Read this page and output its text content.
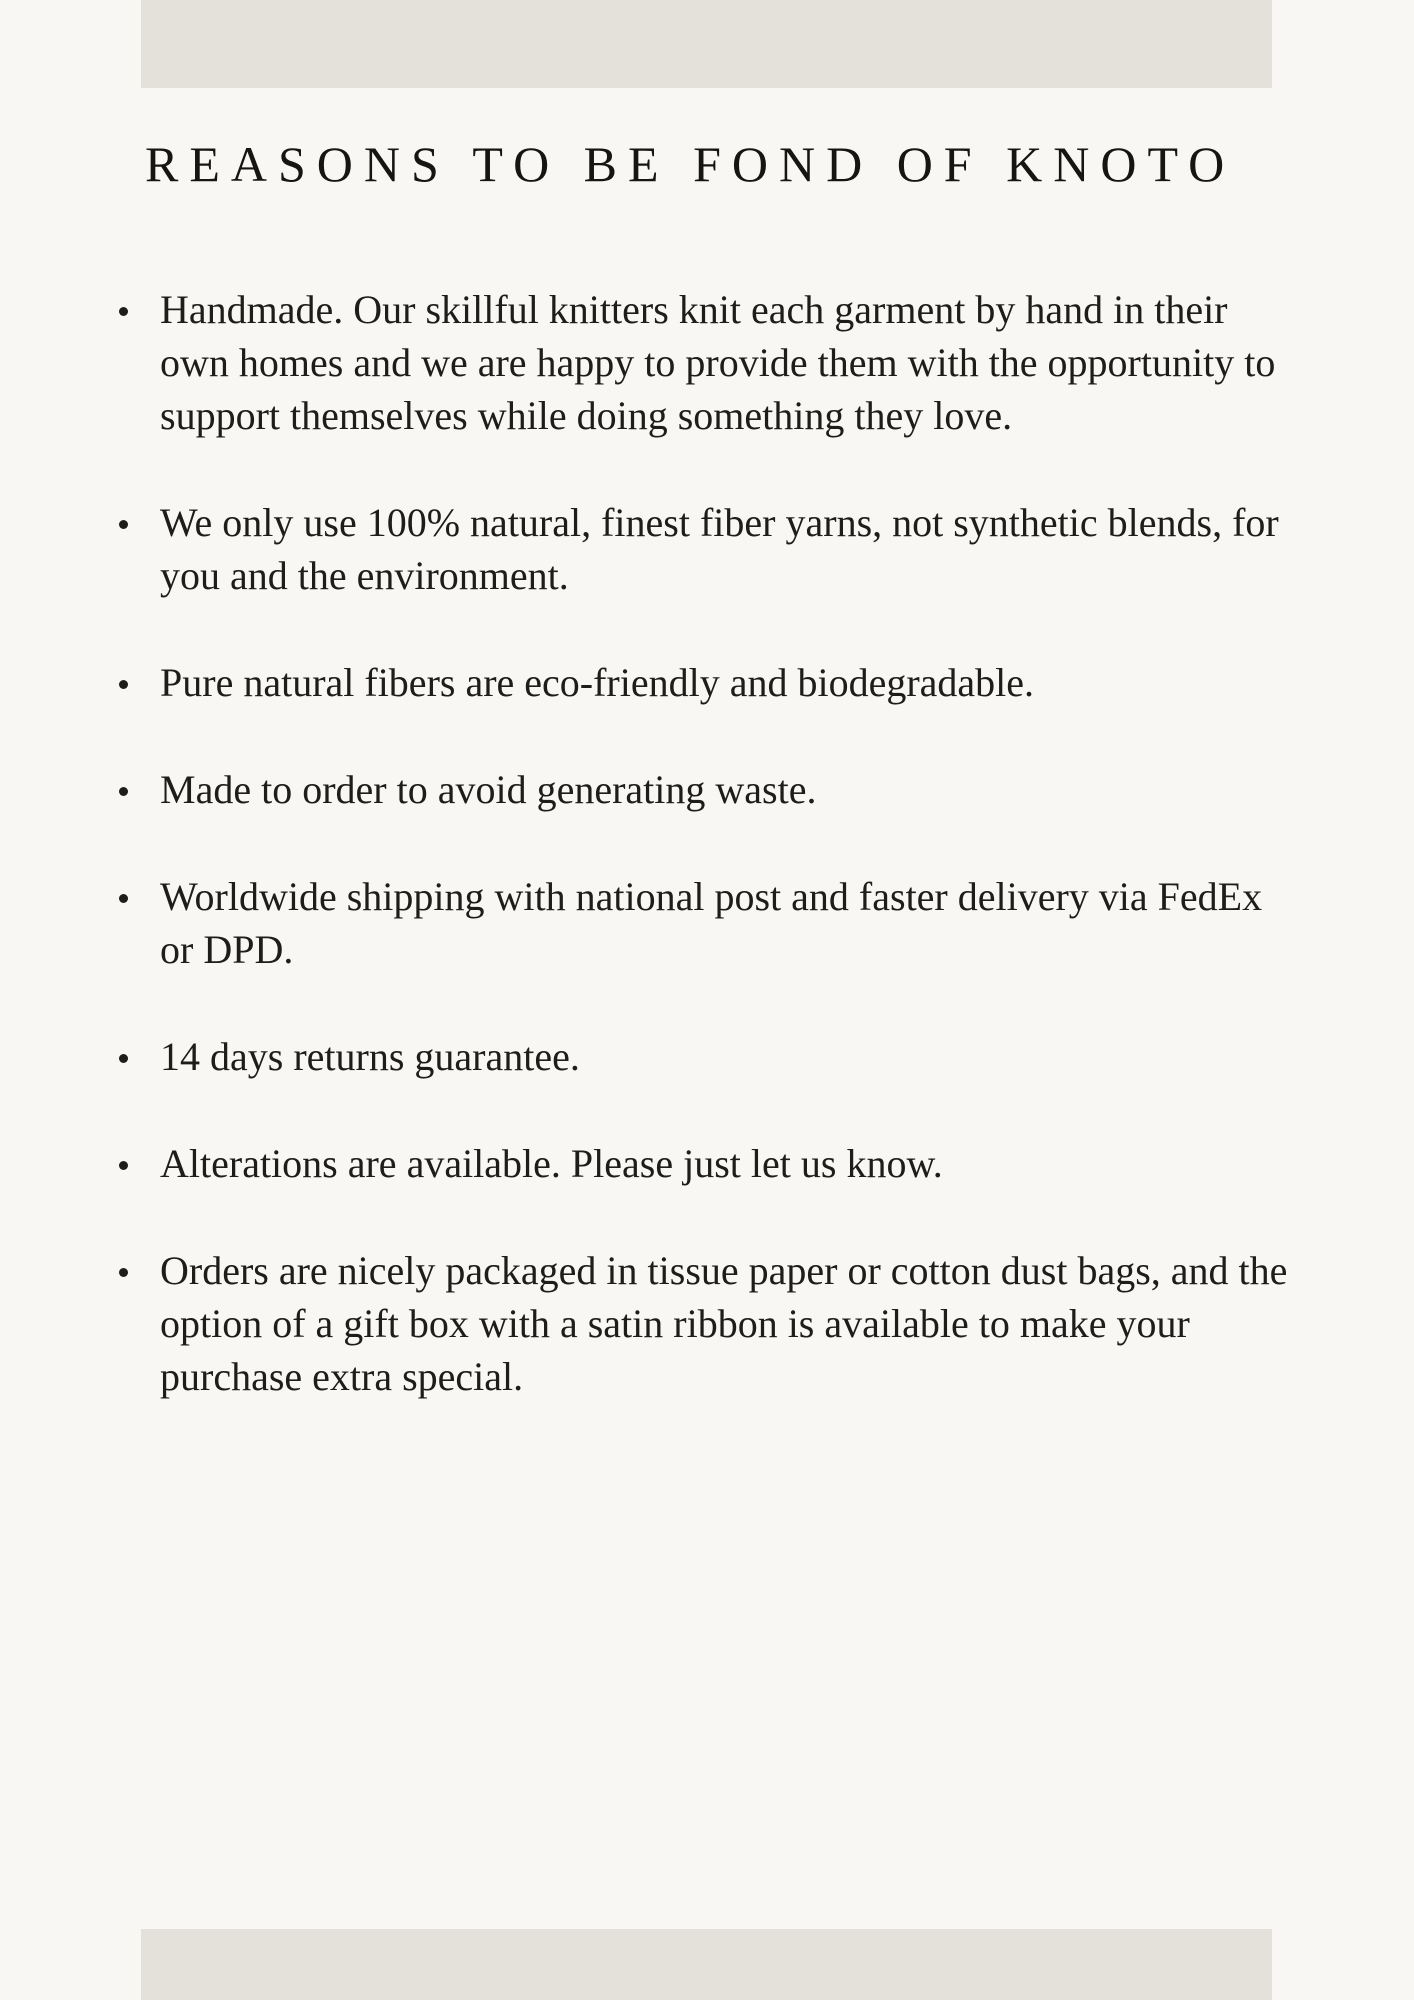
REASONS TO BE FOND OF KNOTO
Handmade. Our skillful knitters knit each garment by hand in their
own homes and we are happy to provide them with the opportunity to
support themselves while doing something they love.
We only use 100% natural, finest fiber yarns, not synthetic blends, for
you and the environment.
Pure natural fibers are eco-friendly and biodegradable.
Made to order to avoid generating waste.
Worldwide shipping with national post and faster delivery via FedEx
or DPD.
14 days returns guarantee.
Alterations are available. Please just let us know.
Orders are nicely packaged in tissue paper or cotton dust bags, and the
option of a gift box with a satin ribbon is available to make your
purchase extra special.
